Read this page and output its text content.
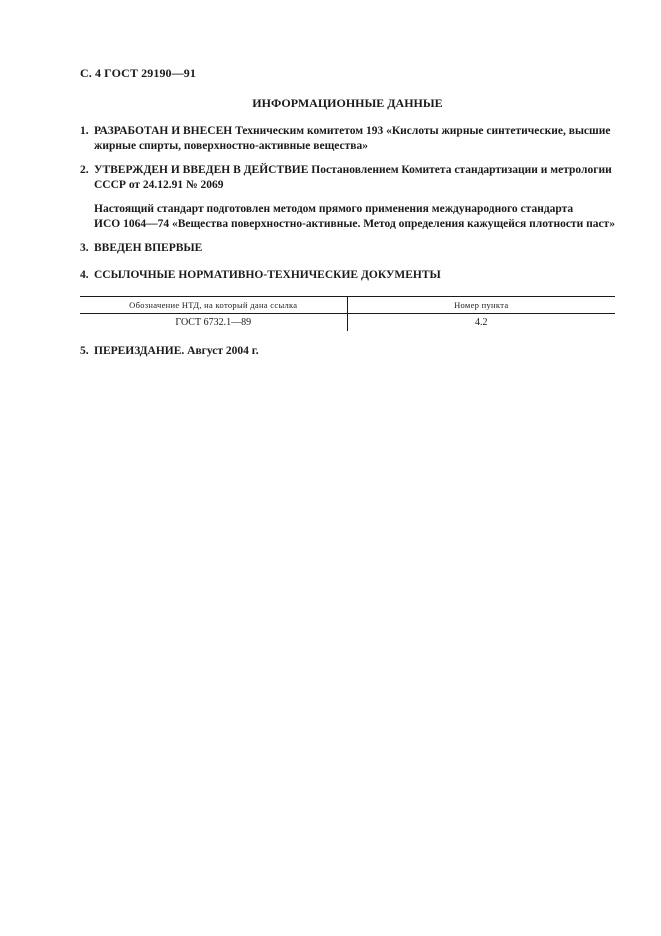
С. 4 ГОСТ 29190—91
ИНФОРМАЦИОННЫЕ ДАННЫЕ
1. РАЗРАБОТАН И ВНЕСЕН Техническим комитетом 193 «Кислоты жирные синтетические, высшие
жирные спирты, поверхностно-активные вещества»
2. УТВЕРЖДЕН И ВВЕДЕН В ДЕЙСТВИЕ Постановлением Комитета стандартизации и метрологии
СССР от 24.12.91 № 2069
Настоящий стандарт подготовлен методом прямого применения международного стандарта
ИСО 1064—74 «Вещества поверхностно-активные. Метод определения кажущейся плотности паст»
3. ВВЕДЕН ВПЕРВЫЕ
4. ССЫЛОЧНЫЕ НОРМАТИВНО-ТЕХНИЧЕСКИЕ ДОКУМЕНТЫ
Обозначение НТД, на который дана ссылка	Номер пункта
ГОСТ 6732.1—89	4.2
5. ПЕРЕИЗДАНИЕ. Август 2004 г.
